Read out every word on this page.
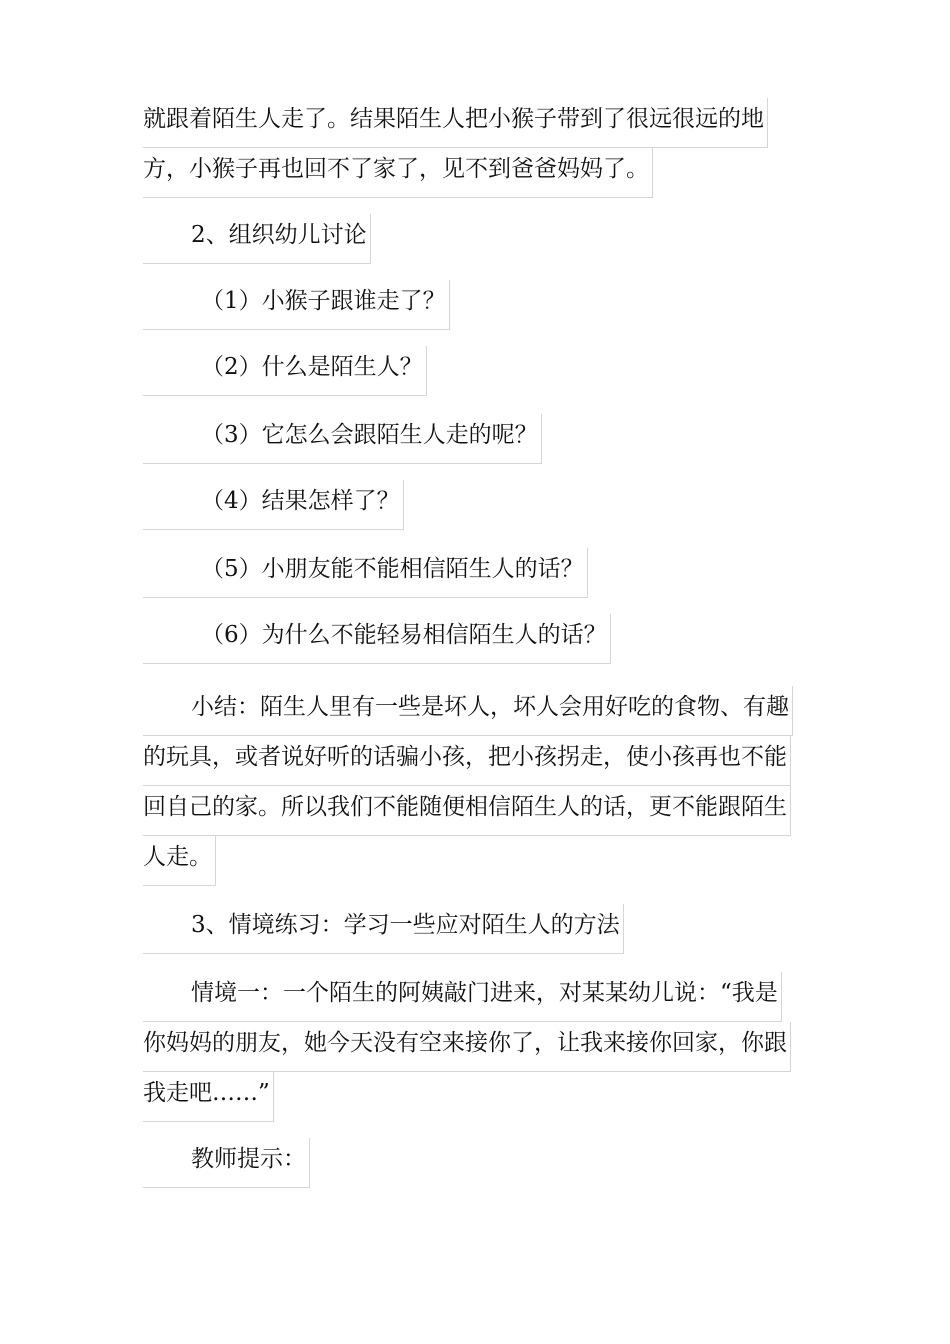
就跟着陌生人走了。结果陌生人把小猴子带到了很远很远的地
方，小猴子再也回不了家了，见不到爸爸妈妈了。
2、组织幼儿讨论
（1）小猴子跟谁走了？
（2）什么是陌生人？
（3）它怎么会跟陌生人走的呢？
（4）结果怎样了？
（5）小朋友能不能相信陌生人的话？
（6）为什么不能轻易相信陌生人的话？
小结：陌生人里有一些是坏人，坏人会用好吃的食物、有趣
的玩具，或者说好听的话骗小孩，把小孩拐走，使小孩再也不能
回自己的家。所以我们不能随便相信陌生人的话，更不能跟陌生
人走。
3、情境练习：学习一些应对陌生人的方法
情境一：一个陌生的阿姨敲门进来，对某某幼儿说：“我是
你妈妈的朋友，她今天没有空来接你了，让我来接你回家，你跟
我走吧……”
教师提示：
